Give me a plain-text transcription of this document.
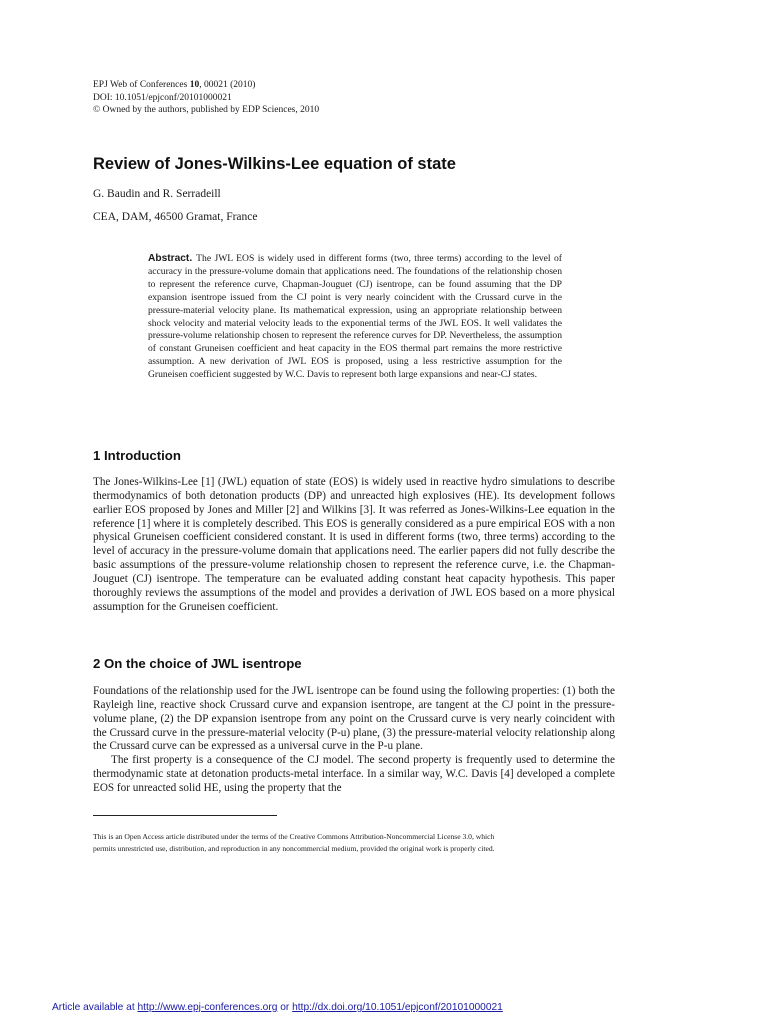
EPJ Web of Conferences 10, 00021 (2010)
DOI: 10.1051/epjconf/20101000021
© Owned by the authors, published by EDP Sciences, 2010
Review of Jones-Wilkins-Lee equation of state
G. Baudin and R. Serradeill
CEA, DAM, 46500 Gramat, France
Abstract. The JWL EOS is widely used in different forms (two, three terms) according to the level of accuracy in the pressure-volume domain that applications need. The foundations of the relationship chosen to represent the reference curve, Chapman-Jouguet (CJ) isentrope, can be found assuming that the DP expansion isentrope issued from the CJ point is very nearly coincident with the Crussard curve in the pressure-material velocity plane. Its mathematical expression, using an appropriate relationship between shock velocity and material velocity leads to the exponential terms of the JWL EOS. It well validates the pressure-volume relationship chosen to represent the reference curves for DP. Nevertheless, the assumption of constant Gruneisen coefficient and heat capacity in the EOS thermal part remains the more restrictive assumption. A new derivation of JWL EOS is proposed, using a less restrictive assumption for the Gruneisen coefficient suggested by W.C. Davis to represent both large expansions and near-CJ states.
1 Introduction

The Jones-Wilkins-Lee [1] (JWL) equation of state (EOS) is widely used in reactive hydro simulations to describe thermodynamics of both detonation products (DP) and unreacted high explosives (HE). Its development follows earlier EOS proposed by Jones and Miller [2] and Wilkins [3]. It was referred as Jones-Wilkins-Lee equation in the reference [1] where it is completely described. This EOS is generally considered as a pure empirical EOS with a non physical Gruneisen coefficient considered constant. It is used in different forms (two, three terms) according to the level of accuracy in the pressure-volume domain that applications need. The earlier papers did not fully describe the basic assumptions of the pressure-volume relationship chosen to represent the reference curve, i.e. the Chapman-Jouguet (CJ) isentrope. The temperature can be evaluated adding constant heat capacity hypothesis. This paper thoroughly reviews the assumptions of the model and provides a derivation of JWL EOS based on a more physical assumption for the Gruneisen coefficient.

2 On the choice of JWL isentrope

Foundations of the relationship used for the JWL isentrope can be found using the following properties: (1) both the Rayleigh line, reactive shock Crussard curve and expansion isentrope, are tangent at the CJ point in the pressure-volume plane, (2) the DP expansion isentrope from any point on the Crussard curve is very nearly coincident with the Crussard curve in the pressure-material velocity (P-u) plane, (3) the pressure-material velocity relationship along the Crussard curve can be expressed as a universal curve in the P-u plane.

The first property is a consequence of the CJ model. The second property is frequently used to determine the thermodynamic state at detonation products-metal interface. In a similar way, W.C. Davis [4] developed a complete EOS for unreacted solid HE, using the property that the

This is an Open Access article distributed under the terms of the Creative Commons Attribution-Noncommercial License 3.0, which
permits unrestricted use, distribution, and reproduction in any noncommercial medium, provided the original work is properly cited.
Article available at http://www.epj-conferences.org or http://dx.doi.org/10.1051/epjconf/20101000021
